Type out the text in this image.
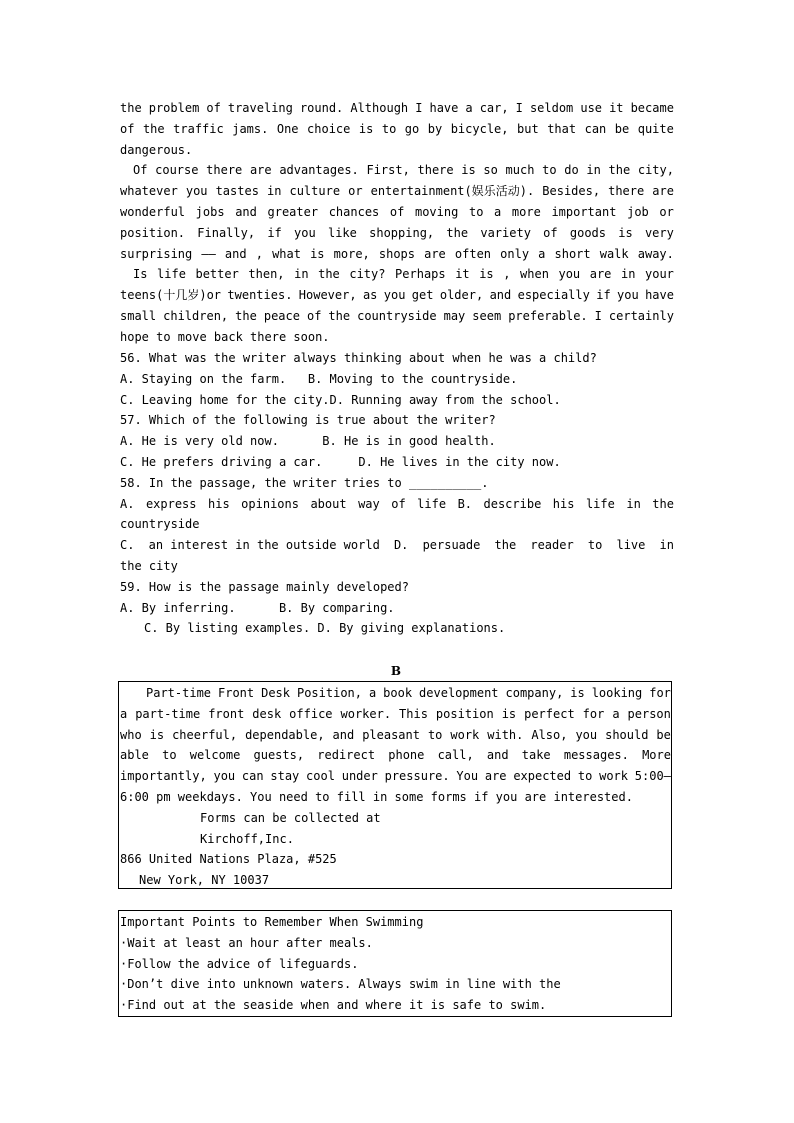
the problem of traveling round. Although I have a car, I seldom use it became
of the traffic jams. One choice is to go by bicycle, but that can be quite
dangerous.
Of course there are advantages. First, there is so much to do in the city,
whatever you tastes in culture or entertainment(娱乐活动). Besides, there are
wonderful jobs and greater chances of moving to a more important job or
position. Finally, if you like shopping, the variety of goods is very
surprising —— and , what is more, shops are often only a short walk away.
Is life better then, in the city? Perhaps it is , when you are in your
teens(十几岁)or twenties. However, as you get older, and especially if you have
small children, the peace of the countryside may seem preferable. I certainly
hope to move back there soon.
56. What was the writer always thinking about when he was a child?
A. Staying on the farm.   B. Moving to the countryside.
C. Leaving home for the city.D. Running away from the school.
57. Which of the following is true about the writer?
A. He is very old now.      B. He is in good health.
C. He prefers driving a car.     D. He lives in the city now.
58. In the passage, the writer tries to __________.
A. express his opinions about way of life B. describe his life in the
countryside
C. an interest in the outside world D. persuade the reader to live in
the city
59. How is the passage mainly developed?
A. By inferring.      B. By comparing.
C. By listing examples. D. By giving explanations.
B
Part-time Front Desk Position, a book development company, is looking for
a part-time front desk office worker. This position is perfect for a person
who is cheerful, dependable, and pleasant to work with. Also, you should be
able to welcome guests, redirect phone call, and take messages. More
importantly, you can stay cool under pressure. You are expected to work 5:00—
6:00 pm weekdays. You need to fill in some forms if you are interested.
Forms can be collected at
Kirchoff,Inc.
866 United Nations Plaza, #525
New York, NY 10037
Important Points to Remember When Swimming
·Wait at least an hour after meals.
·Follow the advice of lifeguards.
·Don’t dive into unknown waters. Always swim in line with the
·Find out at the seaside when and where it is safe to swim.
